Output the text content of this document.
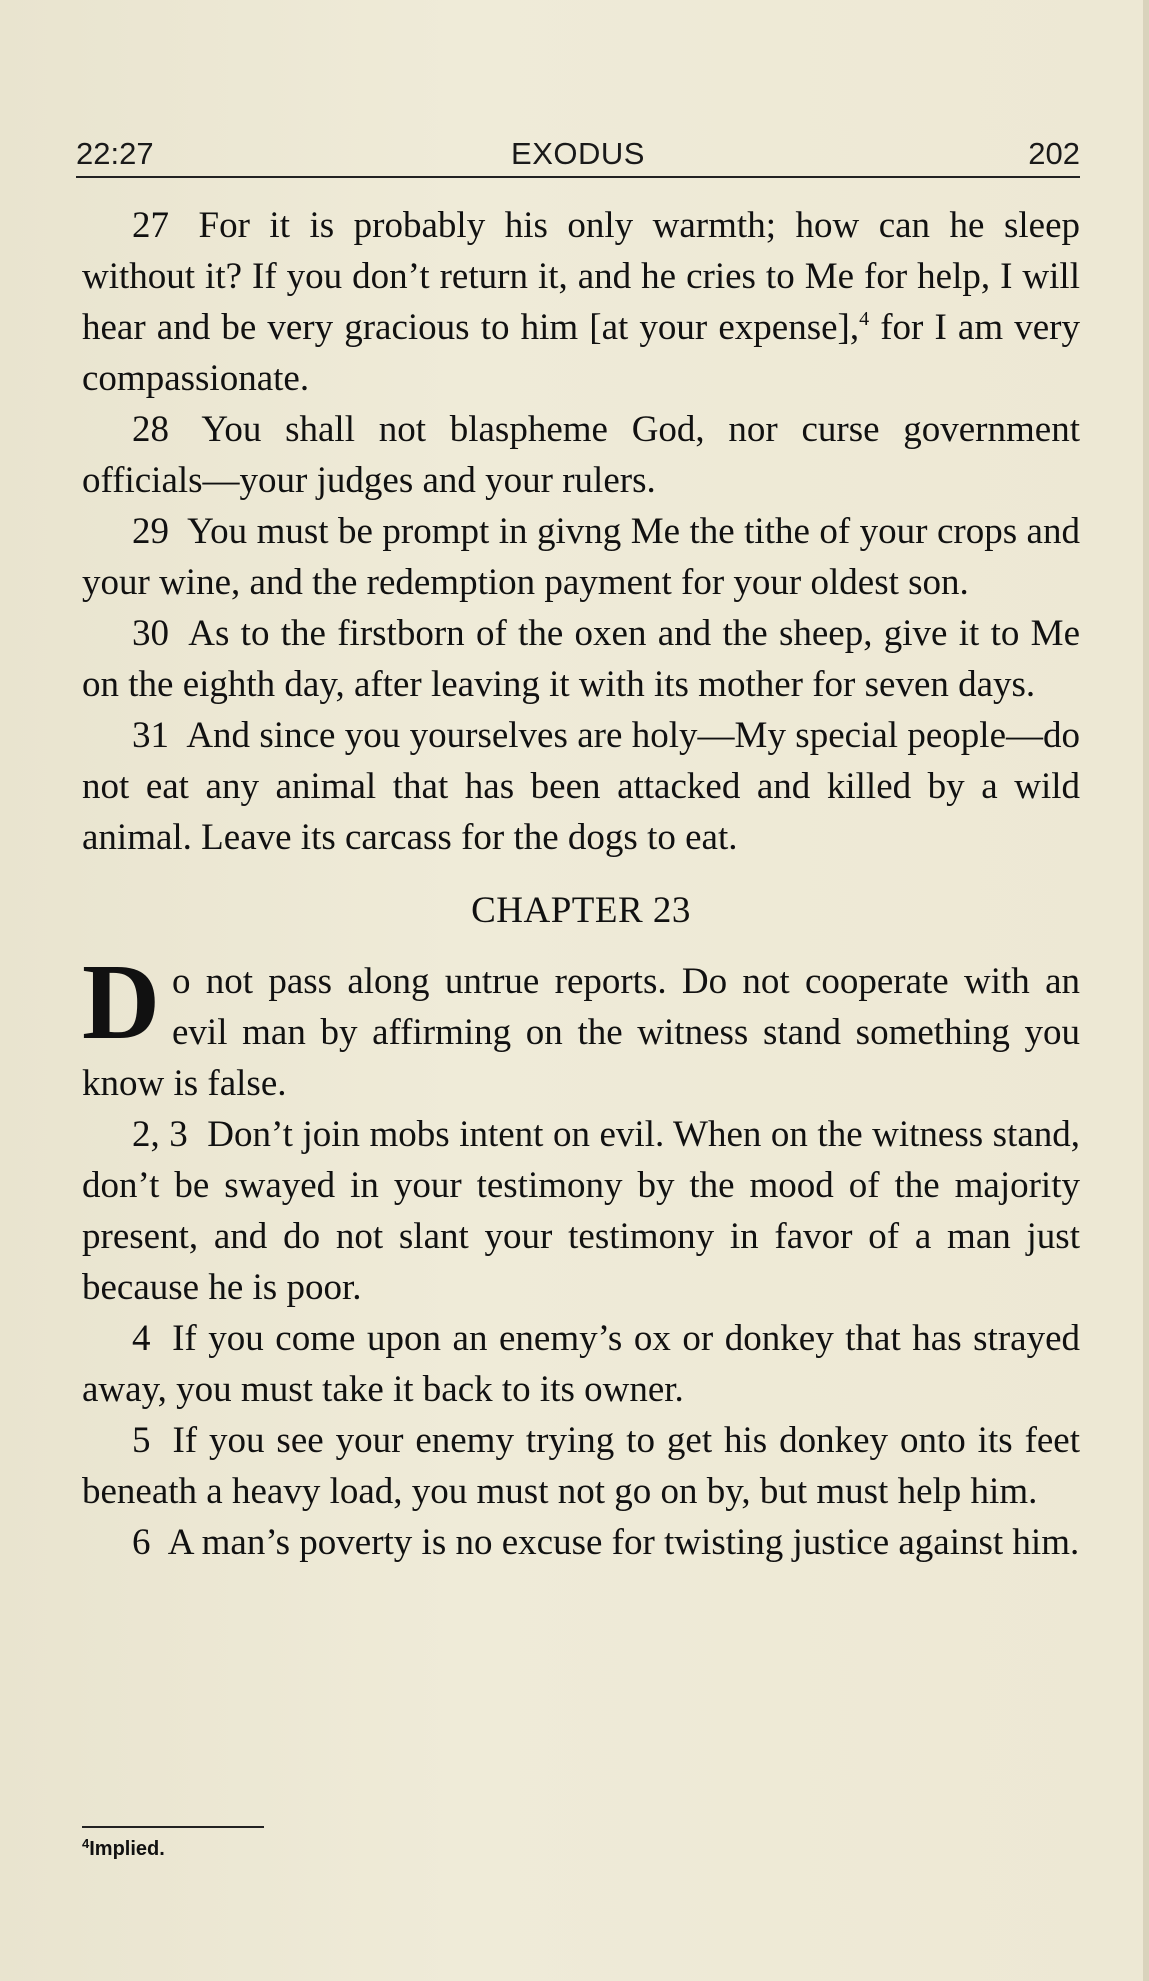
22:27	EXODUS	202

27 For it is probably his only warmth; how can he sleep without it? If you don’t return it, and he cries to Me for help, I will hear and be very gracious to him [at your expense],$^4$ for I am very compassionate.

28 You shall not blaspheme God, nor curse government officials—your judges and your rulers.

29 You must be prompt in givng Me the tithe of your crops and your wine, and the redemption payment for your oldest son.

30 As to the firstborn of the oxen and the sheep, give it to Me on the eighth day, after leaving it with its mother for seven days.

31 And since you yourselves are holy—My special people—do not eat any animal that has been attacked and killed by a wild animal. Leave its carcass for the dogs to eat.

CHAPTER 23

Do not pass along untrue reports. Do not cooperate with an evil man by affirming on the witness stand something you know is false.

2, 3 Don’t join mobs intent on evil. When on the witness stand, don’t be swayed in your testimony by the mood of the majority present, and do not slant your testimony in favor of a man just because he is poor.

4 If you come upon an enemy’s ox or donkey that has strayed away, you must take it back to its owner.

5 If you see your enemy trying to get his donkey onto its feet beneath a heavy load, you must not go on by, but must help him.

6 A man’s poverty is no excuse for twisting justice against him.

$^4$Implied.
